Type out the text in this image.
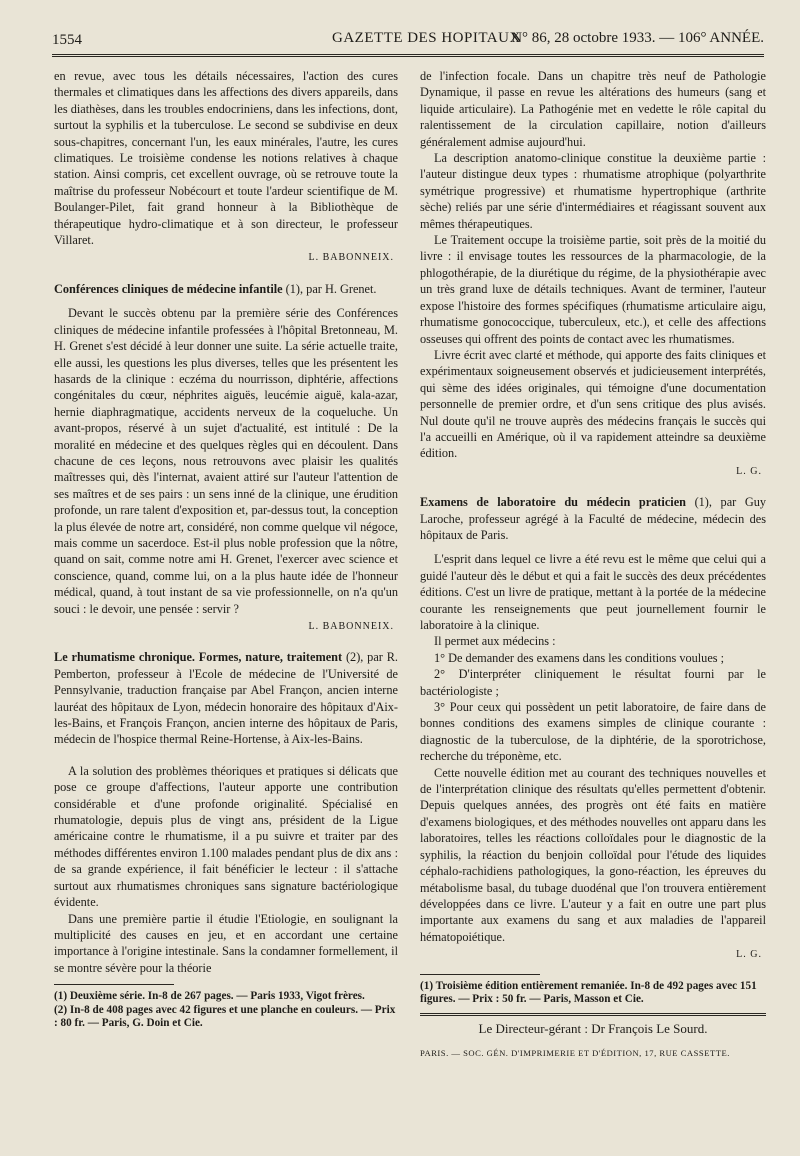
1554	GAZETTE DES HOPITAUX
N° 86, 28 octobre 1933. — 106° ANNÉE.

en revue, avec tous les détails nécessaires, l'action des cures thermales et climatiques dans les affections des divers appareils, dans les diathèses, dans les troubles endocriniens, dans les infections, dont, surtout la syphilis et la tuberculose. Le second se subdivise en deux sous-chapitres, concernant l'un, les eaux minérales, l'autre, les cures climatiques. Le troisième condense les notions relatives à chaque station. Ainsi compris, cet excellent ouvrage, où se retrouve toute la maîtrise du professeur Nobécourt et toute l'ardeur scientifique de M. Boulanger-Pilet, fait grand honneur à la Bibliothèque de thérapeutique hydro-climatique et à son directeur, le professeur Villaret.

L. BABONNEIX.

Conférences cliniques de médecine infantile (1), par H. Grenet.

Devant le succès obtenu par la première série des Conférences cliniques de médecine infantile professées à l'hôpital Bretonneau, M. H. Grenet s'est décidé à leur donner une suite. La série actuelle traite, elle aussi, les questions les plus diverses, telles que les présentent les hasards de la clinique : eczéma du nourrisson, diphtérie, affections congénitales du cœur, néphrites aiguës, leucémie aiguë, kala-azar, hernie diaphragmatique, accidents nerveux de la coqueluche. Un avant-propos, réservé à un sujet d'actualité, est intitulé : De la moralité en médecine et des quelques règles qui en découlent. Dans chacune de ces leçons, nous retrouvons avec plaisir les qualités maîtresses qui, dès l'internat, avaient attiré sur l'auteur l'attention de ses maîtres et de ses pairs : un sens inné de la clinique, une érudition profonde, un rare talent d'exposition et, par-dessus tout, la conception la plus élevée de notre art, considéré, non comme quelque vil négoce, mais comme un sacerdoce. Est-il plus noble profession que la nôtre, quand on sait, comme notre ami H. Grenet, l'exercer avec science et conscience, quand, comme lui, on a la plus haute idée de l'honneur médical, quand, à tout instant de sa vie professionnelle, on n'a qu'un souci : le devoir, une pensée : servir ?

L. BABONNEIX.

Le rhumatisme chronique. Formes, nature, traitement (2), par R. Pemberton, professeur à l'Ecole de médecine de l'Université de Pennsylvanie, traduction française par Abel Françon, ancien interne lauréat des hôpitaux de Lyon, médecin honoraire des hôpitaux d'Aix-les-Bains, et François Françon, ancien interne des hôpitaux de Paris, médecin de l'hospice thermal Reine-Hortense, à Aix-les-Bains.

A la solution des problèmes théoriques et pratiques si délicats que pose ce groupe d'affections, l'auteur apporte une contribution considérable et d'une profonde originalité. Spécialisé en rhumatologie, depuis plus de vingt ans, président de la Ligue américaine contre le rhumatisme, il a pu suivre et traiter par des méthodes différentes environ 1.100 malades pendant plus de dix ans : de sa grande expérience, il fait bénéficier le lecteur : il s'attache surtout aux rhumatismes chroniques sans signature bactériologique évidente.

Dans une première partie il étudie l'Etiologie, en soulignant la multiplicité des causes en jeu, et en accordant une certaine importance à l'origine intestinale. Sans la condamner formellement, il se montre sévère pour la théorie

(1) Deuxième série. In-8 de 267 pages. — Paris 1933, Vigot frères.

(2) In-8 de 408 pages avec 42 figures et une planche en couleurs. — Prix : 80 fr. — Paris, G. Doin et Cie.

de l'infection focale. Dans un chapitre très neuf de Pathologie Dynamique, il passe en revue les altérations des humeurs (sang et liquide articulaire). La Pathogénie met en vedette le rôle capital du ralentissement de la circulation capillaire, notion d'ailleurs généralement admise aujourd'hui.

La description anatomo-clinique constitue la deuxième partie : l'auteur distingue deux types : rhumatisme atrophique (polyarthrite symétrique progressive) et rhumatisme hypertrophique (arthrite sèche) reliés par une série d'intermédiaires et réagissant souvent aux mêmes thérapeutiques.

Le Traitement occupe la troisième partie, soit près de la moitié du livre : il envisage toutes les ressources de la pharmacologie, de la phlogothérapie, de la diurétique du régime, de la physiothérapie avec un très grand luxe de détails techniques. Avant de terminer, l'auteur expose l'histoire des formes spécifiques (rhumatisme articulaire aigu, rhumatisme gonococcique, tuberculeux, etc.), et celle des affections osseuses qui offrent des points de contact avec les rhumatismes.

Livre écrit avec clarté et méthode, qui apporte des faits cliniques et expérimentaux soigneusement observés et judicieusement interprétés, qui sème des idées originales, qui témoigne d'une documentation personnelle de premier ordre, et d'un sens critique des plus avisés. Nul doute qu'il ne trouve auprès des médecins français le succès qui l'a accueilli en Amérique, où il va rapidement atteindre sa deuxième édition.

L. G.

Examens de laboratoire du médecin praticien (1), par Guy Laroche, professeur agrégé à la Faculté de médecine, médecin des hôpitaux de Paris.

L'esprit dans lequel ce livre a été revu est le même que celui qui a guidé l'auteur dès le début et qui a fait le succès des deux précédentes éditions. C'est un livre de pratique, mettant à la portée de la médecine courante les renseignements que peut journellement fournir le laboratoire à la clinique.

Il permet aux médecins :

1° De demander des examens dans les conditions voulues ;

2° D'interpréter cliniquement le résultat fourni par le bactériologiste ;

3° Pour ceux qui possèdent un petit laboratoire, de faire dans de bonnes conditions des examens simples de clinique courante : diagnostic de la tuberculose, de la diphtérie, de la sporotrichose, recherche du tréponème, etc.

Cette nouvelle édition met au courant des techniques nouvelles et de l'interprétation clinique des résultats qu'elles permettent d'obtenir. Depuis quelques années, des progrès ont été faits en matière d'examens biologiques, et des méthodes nouvelles ont apparu dans les laboratoires, telles les réactions colloïdales pour le diagnostic de la syphilis, la réaction du benjoin colloïdal pour l'étude des liquides céphalo-rachidiens pathologiques, la gono-réaction, les épreuves du métabolisme basal, du tubage duodénal que l'on trouvera entièrement développées dans ce livre. L'auteur y a fait en outre une part plus importante aux examens du sang et aux maladies de l'appareil hématopoiétique.

L. G.

(1) Troisième édition entièrement remaniée. In-8 de 492 pages avec 151 figures. — Prix : 50 fr. — Paris, Masson et Cie.

Le Directeur-gérant : Dr François Le Sourd.

PARIS. — SOC. GÉN. D'IMPRIMERIE ET D'ÉDITION, 17, RUE CASSETTE.
